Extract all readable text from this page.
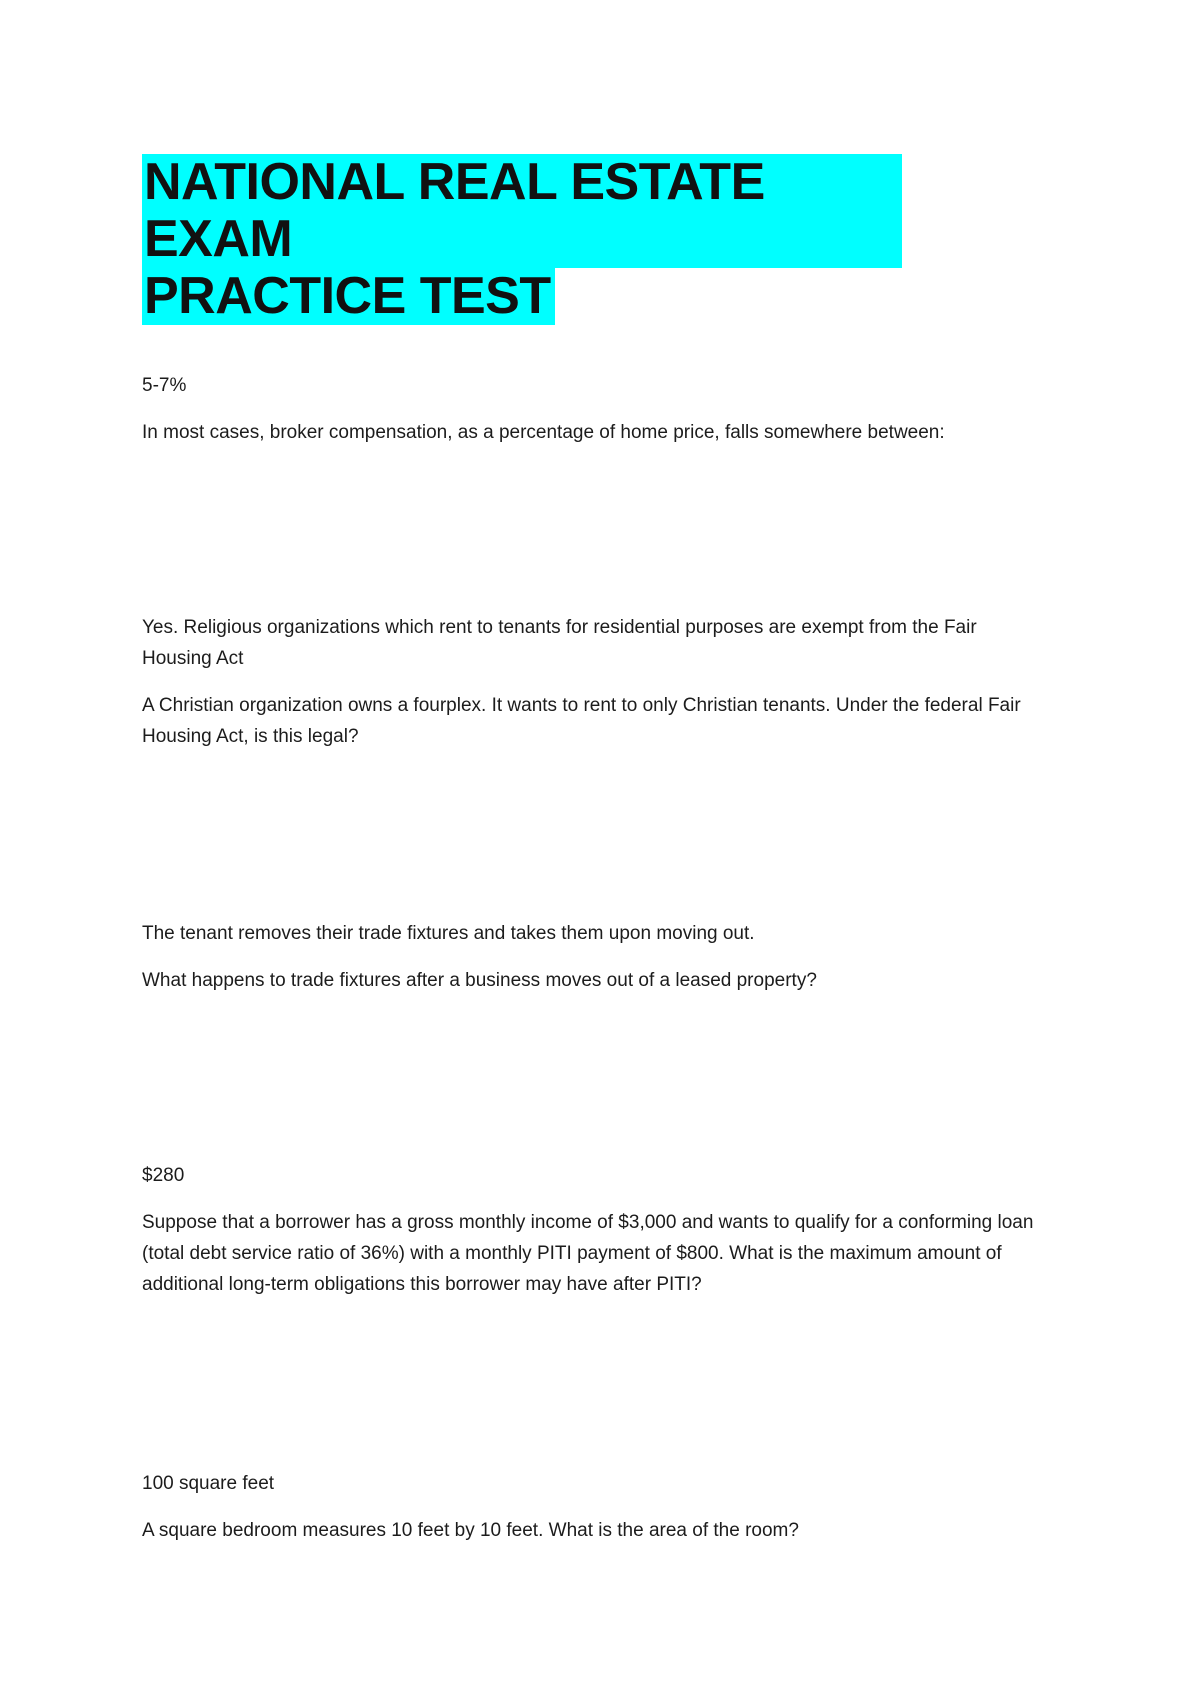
NATIONAL REAL ESTATE EXAM
PRACTICE TEST

5-7%

In most cases, broker compensation, as a percentage of home price, falls somewhere between:

Yes. Religious organizations which rent to tenants for residential purposes are exempt from the Fair Housing Act

A Christian organization owns a fourplex. It wants to rent to only Christian tenants. Under the federal Fair Housing Act, is this legal?

The tenant removes their trade fixtures and takes them upon moving out.

What happens to trade fixtures after a business moves out of a leased property?

$280

Suppose that a borrower has a gross monthly income of $3,000 and wants to qualify for a conforming loan (total debt service ratio of 36%) with a monthly PITI payment of $800. What is the maximum amount of additional long-term obligations this borrower may have after PITI?

100 square feet

A square bedroom measures 10 feet by 10 feet. What is the area of the room?
